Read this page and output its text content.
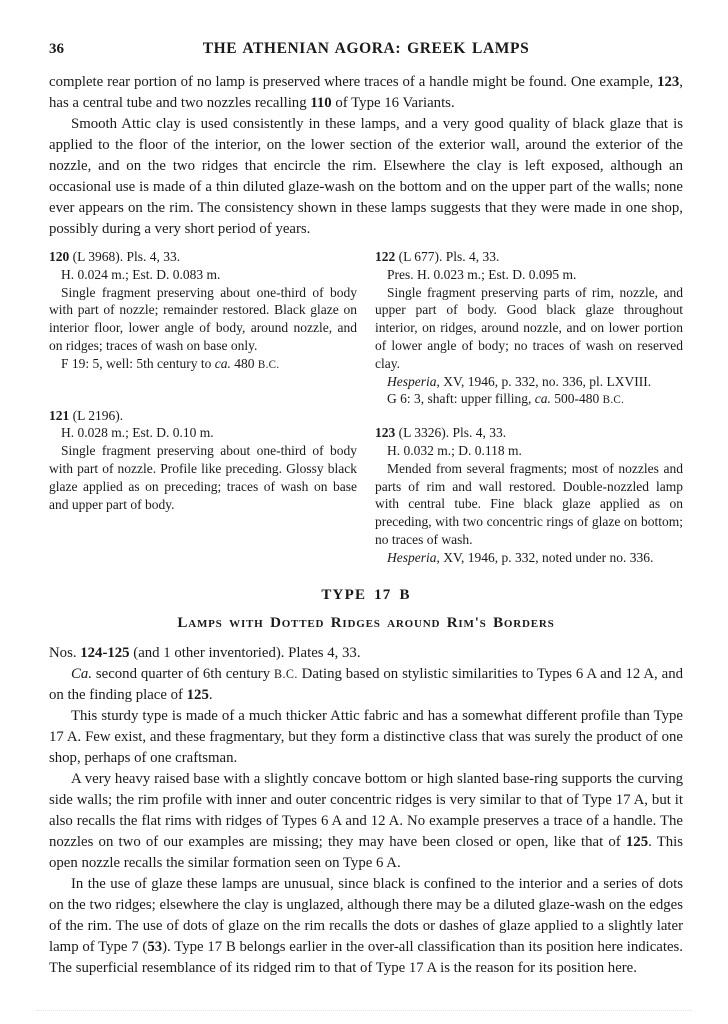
36	THE ATHENIAN AGORA: GREEK LAMPS

complete rear portion of no lamp is preserved where traces of a handle might be found. One example, 123, has a central tube and two nozzles recalling 110 of Type 16 Variants.

Smooth Attic clay is used consistently in these lamps, and a very good quality of black glaze that is applied to the floor of the interior, on the lower section of the exterior wall, around the exterior of the nozzle, and on the two ridges that encircle the rim. Elsewhere the clay is left exposed, although an occasional use is made of a thin diluted glaze-wash on the bottom and on the upper part of the walls; none ever appears on the rim. The consistency shown in these lamps suggests that they were made in one shop, possibly during a very short period of years.

120 (L 3968). Pls. 4, 33.

H. 0.024 m.; Est. D. 0.083 m.

Single fragment preserving about one-third of body with part of nozzle; remainder restored. Black glaze on interior floor, lower angle of body, around nozzle, and on ridges; traces of wash on base only.

F 19: 5, well: 5th century to ca. 480 B.C.

121 (L 2196).

H. 0.028 m.; Est. D. 0.10 m.

Single fragment preserving about one-third of body with part of nozzle. Profile like preceding. Glossy black glaze applied as on preceding; traces of wash on base and upper part of body.

122 (L 677). Pls. 4, 33.

Pres. H. 0.023 m.; Est. D. 0.095 m.

Single fragment preserving parts of rim, nozzle, and upper part of body. Good black glaze throughout interior, on ridges, around nozzle, and on lower portion of lower angle of body; no traces of wash on reserved clay.

Hesperia, XV, 1946, p. 332, no. 336, pl. LXVIII.

G 6: 3, shaft: upper filling, ca. 500-480 B.C.

123 (L 3326). Pls. 4, 33.

H. 0.032 m.; D. 0.118 m.

Mended from several fragments; most of nozzles and parts of rim and wall restored. Double-nozzled lamp with central tube. Fine black glaze applied as on preceding, with two concentric rings of glaze on bottom; no traces of wash.

Hesperia, XV, 1946, p. 332, noted under no. 336.

TYPE 17 B
Lamps with Dotted Ridges around Rim's Borders

Nos. 124-125 (and 1 other inventoried). Plates 4, 33.

Ca. second quarter of 6th century B.C. Dating based on stylistic similarities to Types 6 A and 12 A, and on the finding place of 125.

This sturdy type is made of a much thicker Attic fabric and has a somewhat different profile than Type 17 A. Few exist, and these fragmentary, but they form a distinctive class that was surely the product of one shop, perhaps of one craftsman.

A very heavy raised base with a slightly concave bottom or high slanted base-ring supports the curving side walls; the rim profile with inner and outer concentric ridges is very similar to that of Type 17 A, but it also recalls the flat rims with ridges of Types 6 A and 12 A. No example preserves a trace of a handle. The nozzles on two of our examples are missing; they may have been closed or open, like that of 125. This open nozzle recalls the similar formation seen on Type 6 A.

In the use of glaze these lamps are unusual, since black is confined to the interior and a series of dots on the two ridges; elsewhere the clay is unglazed, although there may be a diluted glaze-wash on the edges of the rim. The use of dots of glaze on the rim recalls the dots or dashes of glaze applied to a slightly later lamp of Type 7 (53). Type 17 B belongs earlier in the over-all classification than its position here indicates. The superficial resemblance of its ridged rim to that of Type 17 A is the reason for its position here.
